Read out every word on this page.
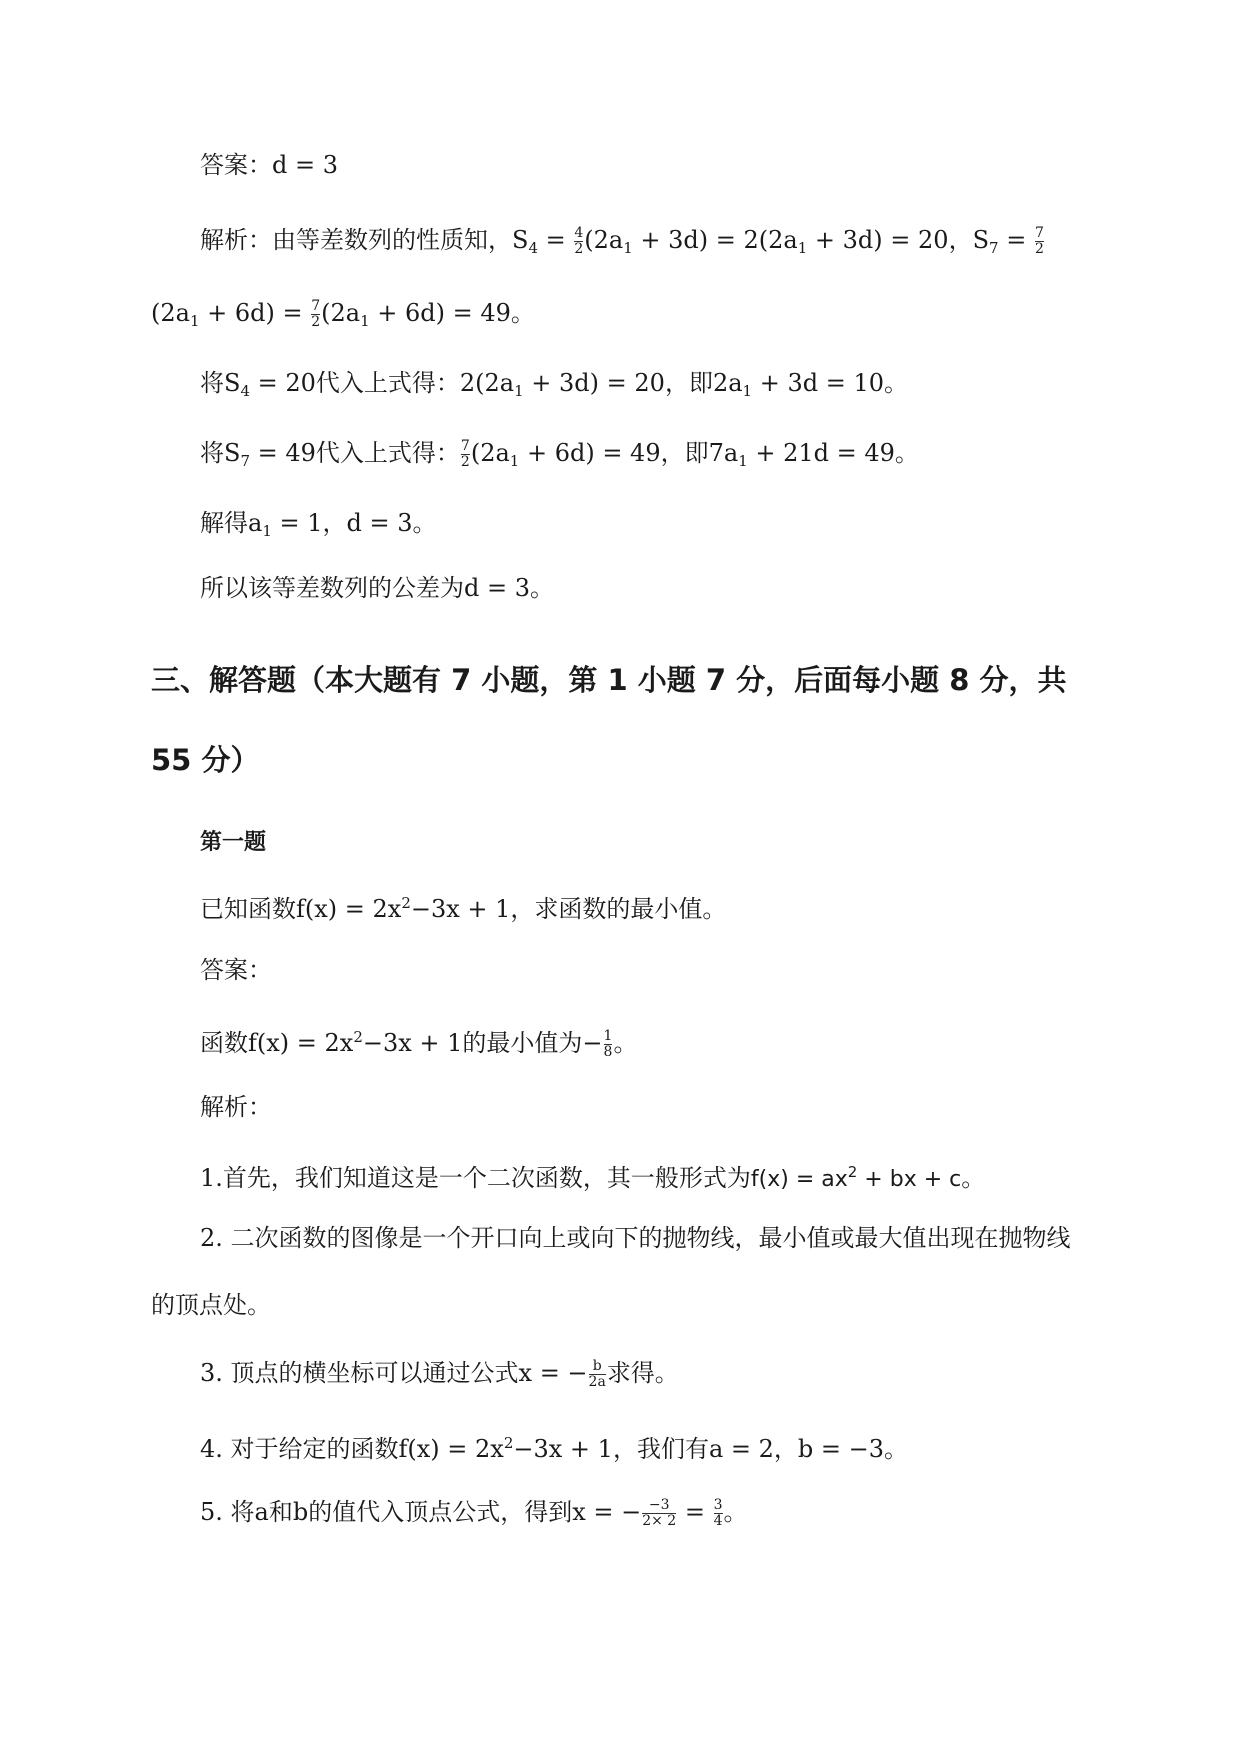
答案：d = 3
解析：由等差数列的性质知，$S_4 = \frac{4}{2} (2a_1 + 3d) = 2(2a_1 + 3d) = 20$，$S_7 = \frac{7}{2}$
$(2a_1 + 6d) = \frac{7}{2} (2a_1 + 6d) = 49$。
将$S_4 = 20$代入上式得：$2(2a_1 + 3d) = 20$，即$2a_1 + 3d = 10$。
将$S_7 = 49$代入上式得： $\frac{7}{2} (2a_1 + 6d) = 49$，即$7a_1 + 21d = 49$。
解得$a_1 = 1$，d = 3。
所以该等差数列的公差为d = 3。
三、解答题（本大题有 7 小题，第 1 小题 7 分，后面每小题 8 分，共
55 分）
第一题
已知函数$f(x) = 2x^2-3x + 1$，求函数的最小值。
答案：
函数$f(x) = 2x^2-3x + 1$的最小值为− $\frac{1}{8}$ 。
解析：
1.首先，我们知道这是一个二次函数，其一般形式为$f(x) = ax^2$ + bx + c。
2. 二次函数的图像是一个开口向上或向下的抛物线，最小值或最大值出现在抛物线
的顶点处。
3. 顶点的横坐标可以通过公式x = − $\frac{b}{2a}$ 求得。
4. 对于给定的函数$f(x) = 2x^2-3x + 1$，我们有a = 2，b = −3。
5. 将a和b的值代入顶点公式，得到x = − $\frac{-3}{2\times 2} = \frac{3}{4}$ 。
